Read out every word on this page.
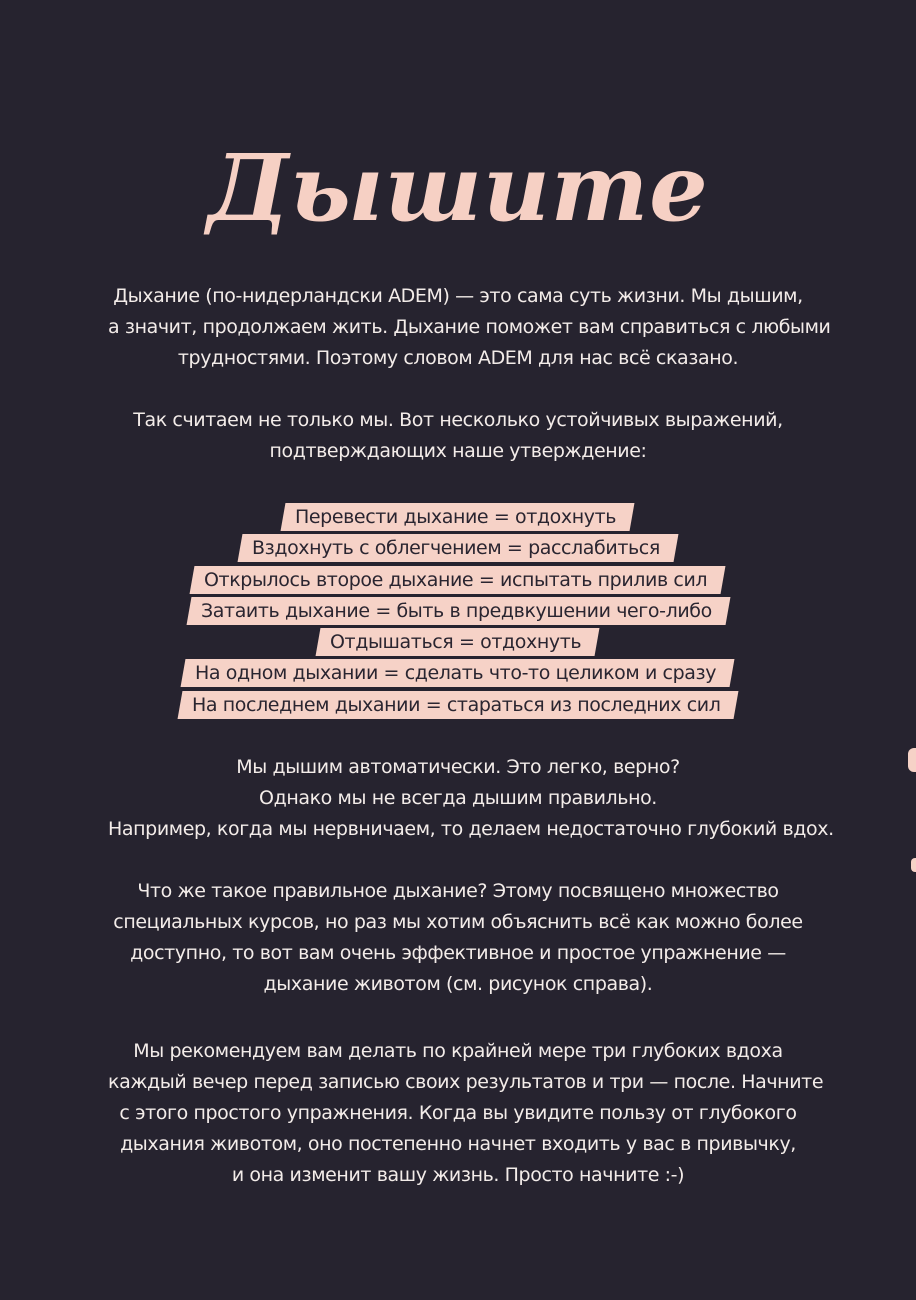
Дышите
Дыхание (по-нидерландски ADEM) — это сама суть жизни. Мы дышим,
а значит, продолжаем жить. Дыхание поможет вам справиться с любыми
трудностями. Поэтому словом ADEM для нас всё сказано.
Так считаем не только мы. Вот несколько устойчивых выражений,
подтверждающих наше утверждение:
Перевести дыхание = отдохнуть
Вздохнуть с облегчением = расслабиться
Открылось второе дыхание = испытать прилив сил
Затаить дыхание = быть в предвкушении чего-либо
Отдышаться = отдохнуть
На одном дыхании = сделать что-то целиком и сразу
На последнем дыхании = стараться из последних сил
Мы дышим автоматически. Это легко, верно?
Однако мы не всегда дышим правильно.
Например, когда мы нервничаем, то делаем недостаточно глубокий вдох.
Что же такое правильное дыхание? Этому посвящено множество
специальных курсов, но раз мы хотим объяснить всё как можно более
доступно, то вот вам очень эффективное и простое упражнение —
дыхание животом (см. рисунок справа).
Мы рекомендуем вам делать по крайней мере три глубоких вдоха
каждый вечер перед записью своих результатов и три — после. Начните
с этого простого упражнения. Когда вы увидите пользу от глубокого
дыхания животом, оно постепенно начнет входить у вас в привычку,
и она изменит вашу жизнь. Просто начните :-)
